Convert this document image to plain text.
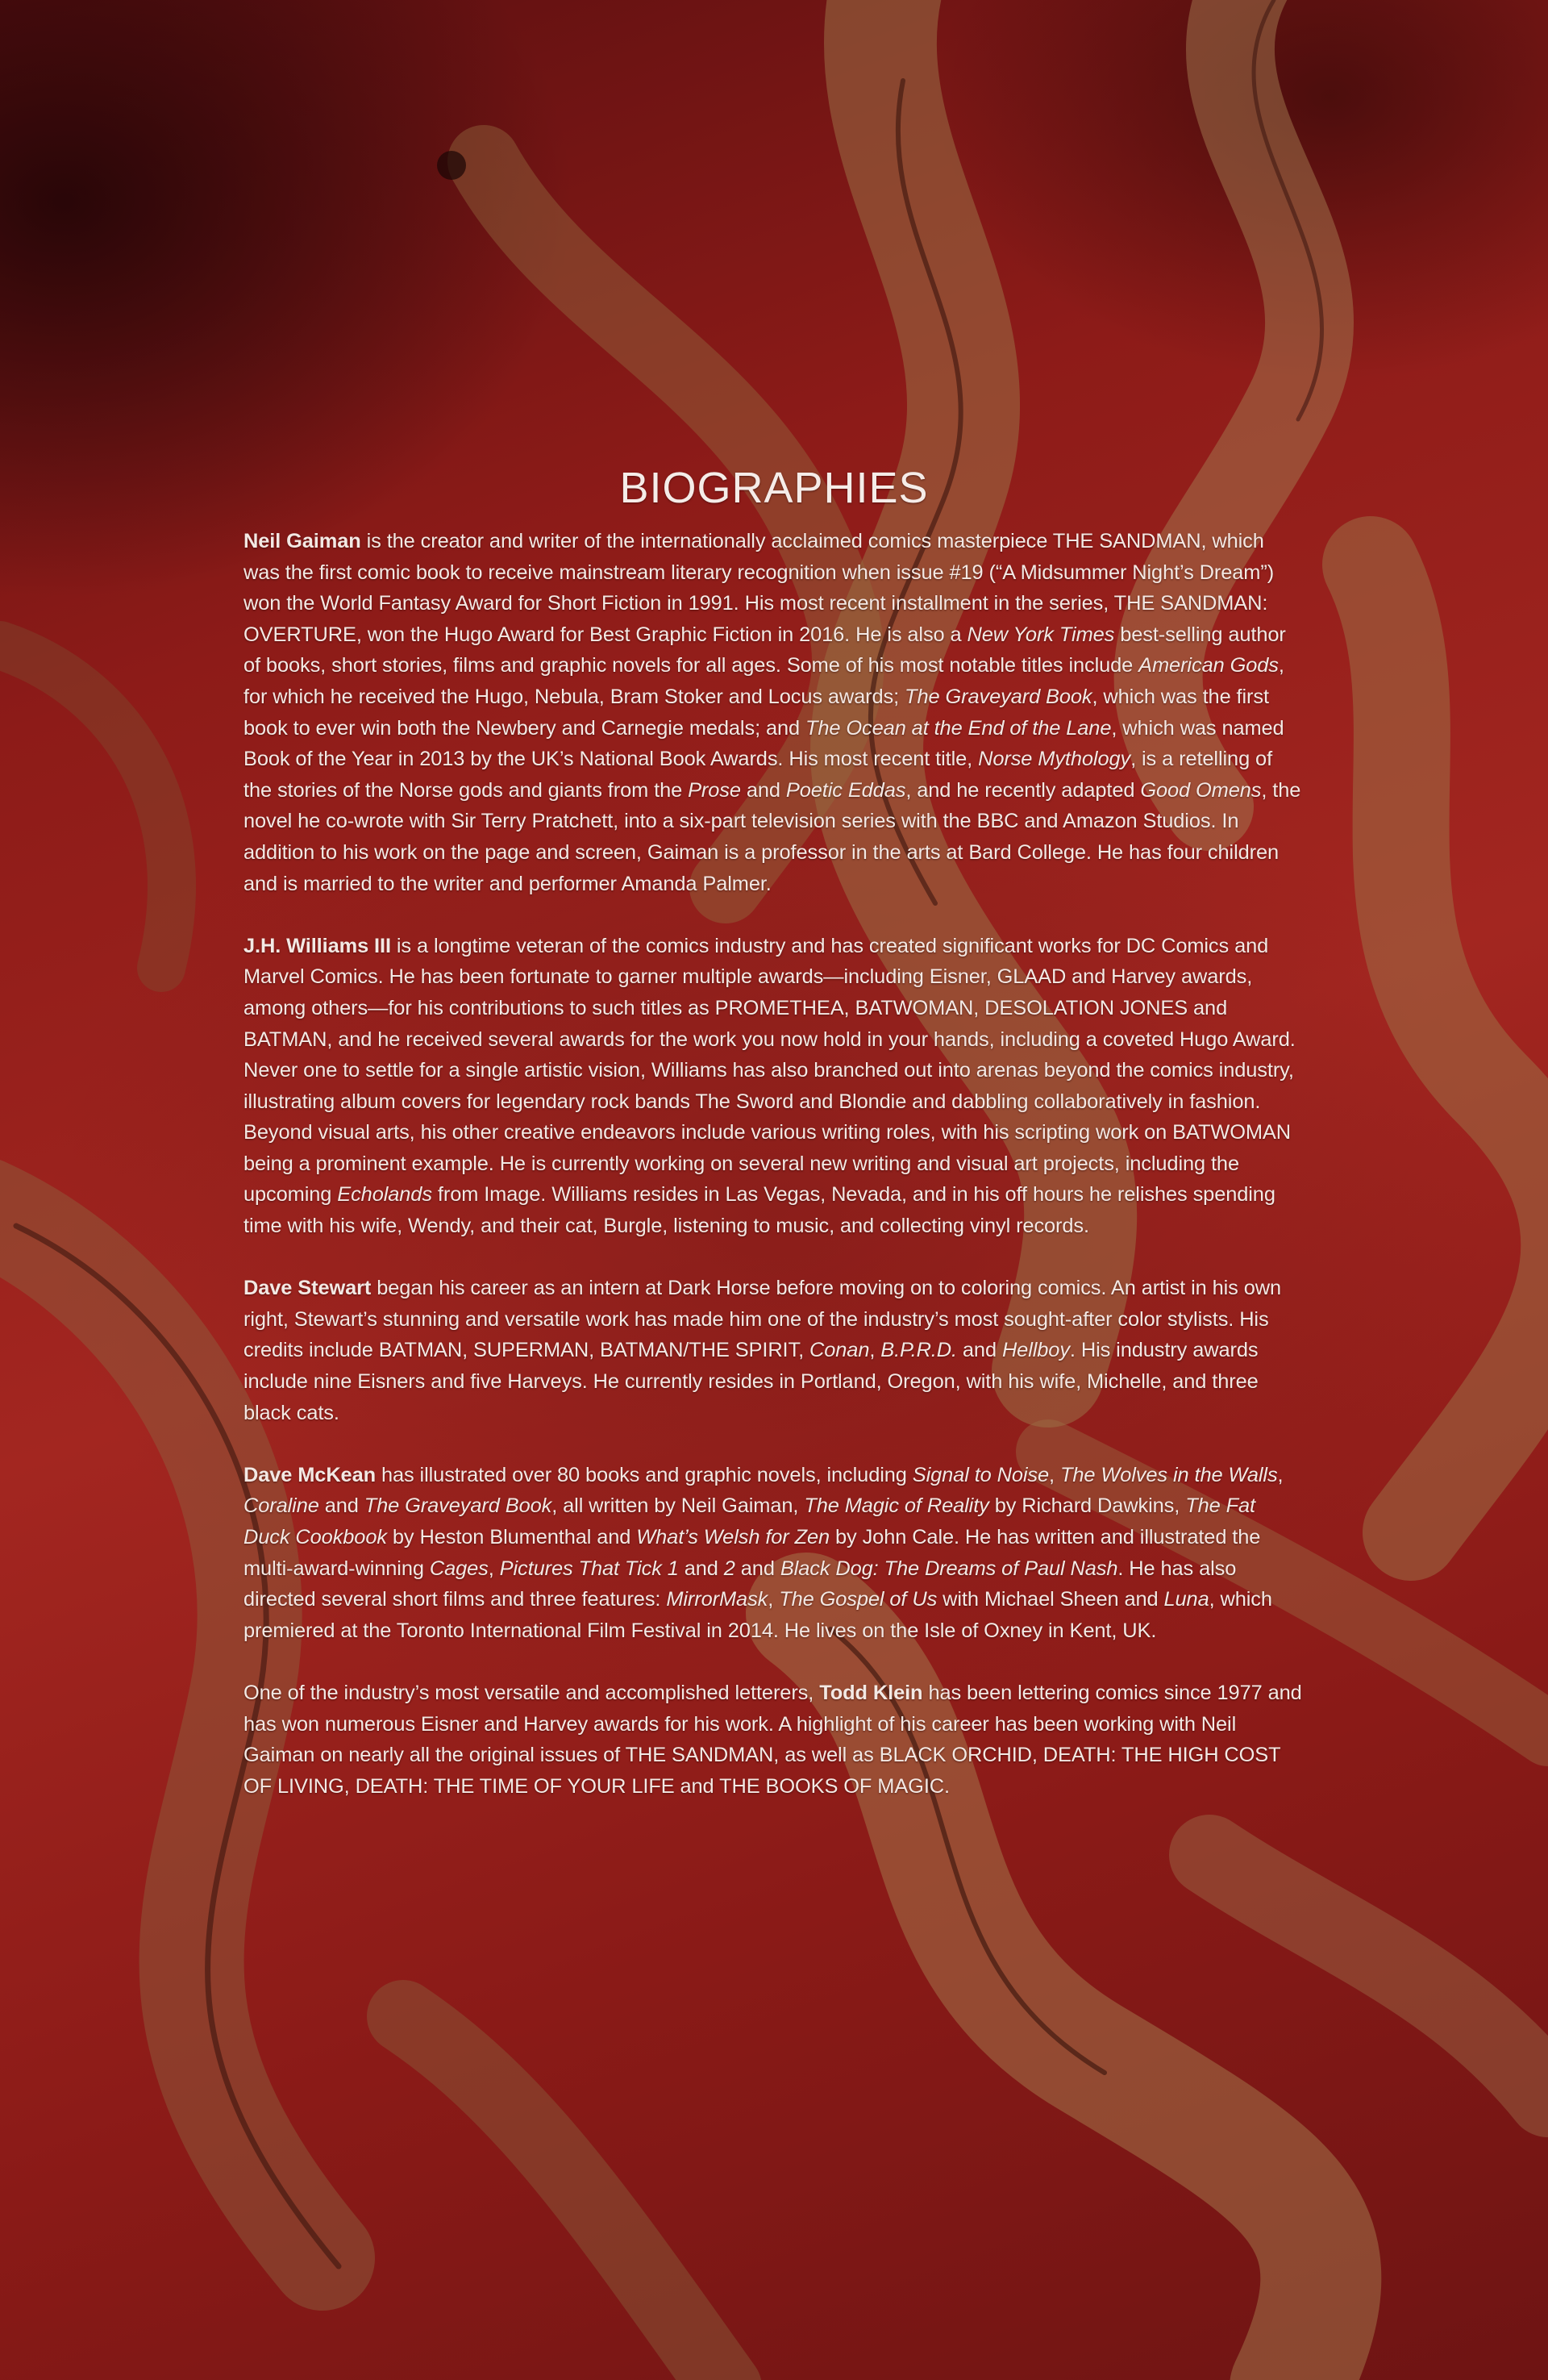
BIOGRAPHIES

Neil Gaiman is the creator and writer of the internationally acclaimed comics masterpiece THE SANDMAN, which was the first comic book to receive mainstream literary recognition when issue #19 (“A Midsummer Night’s Dream”) won the World Fantasy Award for Short Fiction in 1991. His most recent installment in the series, THE SANDMAN: OVERTURE, won the Hugo Award for Best Graphic Fiction in 2016. He is also a New York Times best-selling author of books, short stories, films and graphic novels for all ages. Some of his most notable titles include American Gods, for which he received the Hugo, Nebula, Bram Stoker and Locus awards; The Graveyard Book, which was the first book to ever win both the Newbery and Carnegie medals; and The Ocean at the End of the Lane, which was named Book of the Year in 2013 by the UK’s National Book Awards. His most recent title, Norse Mythology, is a retelling of the stories of the Norse gods and giants from the Prose and Poetic Eddas, and he recently adapted Good Omens, the novel he co-wrote with Sir Terry Pratchett, into a six-part television series with the BBC and Amazon Studios. In addition to his work on the page and screen, Gaiman is a professor in the arts at Bard College. He has four children and is married to the writer and performer Amanda Palmer.

J.H. Williams III is a longtime veteran of the comics industry and has created significant works for DC Comics and Marvel Comics. He has been fortunate to garner multiple awards—including Eisner, GLAAD and Harvey awards, among others—for his contributions to such titles as PROMETHEA, BATWOMAN, DESOLATION JONES and BATMAN, and he received several awards for the work you now hold in your hands, including a coveted Hugo Award. Never one to settle for a single artistic vision, Williams has also branched out into arenas beyond the comics industry, illustrating album covers for legendary rock bands The Sword and Blondie and dabbling collaboratively in fashion. Beyond visual arts, his other creative endeavors include various writing roles, with his scripting work on BATWOMAN being a prominent example. He is currently working on several new writing and visual art projects, including the upcoming Echolands from Image. Williams resides in Las Vegas, Nevada, and in his off hours he relishes spending time with his wife, Wendy, and their cat, Burgle, listening to music, and collecting vinyl records.

Dave Stewart began his career as an intern at Dark Horse before moving on to coloring comics. An artist in his own right, Stewart’s stunning and versatile work has made him one of the industry’s most sought-after color stylists. His credits include BATMAN, SUPERMAN, BATMAN/THE SPIRIT, Conan, B.P.R.D. and Hellboy. His industry awards include nine Eisners and five Harveys. He currently resides in Portland, Oregon, with his wife, Michelle, and three black cats.

Dave McKean has illustrated over 80 books and graphic novels, including Signal to Noise, The Wolves in the Walls, Coraline and The Graveyard Book, all written by Neil Gaiman, The Magic of Reality by Richard Dawkins, The Fat Duck Cookbook by Heston Blumenthal and What’s Welsh for Zen by John Cale. He has written and illustrated the multi-award-winning Cages, Pictures That Tick 1 and 2 and Black Dog: The Dreams of Paul Nash. He has also directed several short films and three features: MirrorMask, The Gospel of Us with Michael Sheen and Luna, which premiered at the Toronto International Film Festival in 2014. He lives on the Isle of Oxney in Kent, UK.

One of the industry’s most versatile and accomplished letterers, Todd Klein has been lettering comics since 1977 and has won numerous Eisner and Harvey awards for his work. A highlight of his career has been working with Neil Gaiman on nearly all the original issues of THE SANDMAN, as well as BLACK ORCHID, DEATH: THE HIGH COST OF LIVING, DEATH: THE TIME OF YOUR LIFE and THE BOOKS OF MAGIC.
